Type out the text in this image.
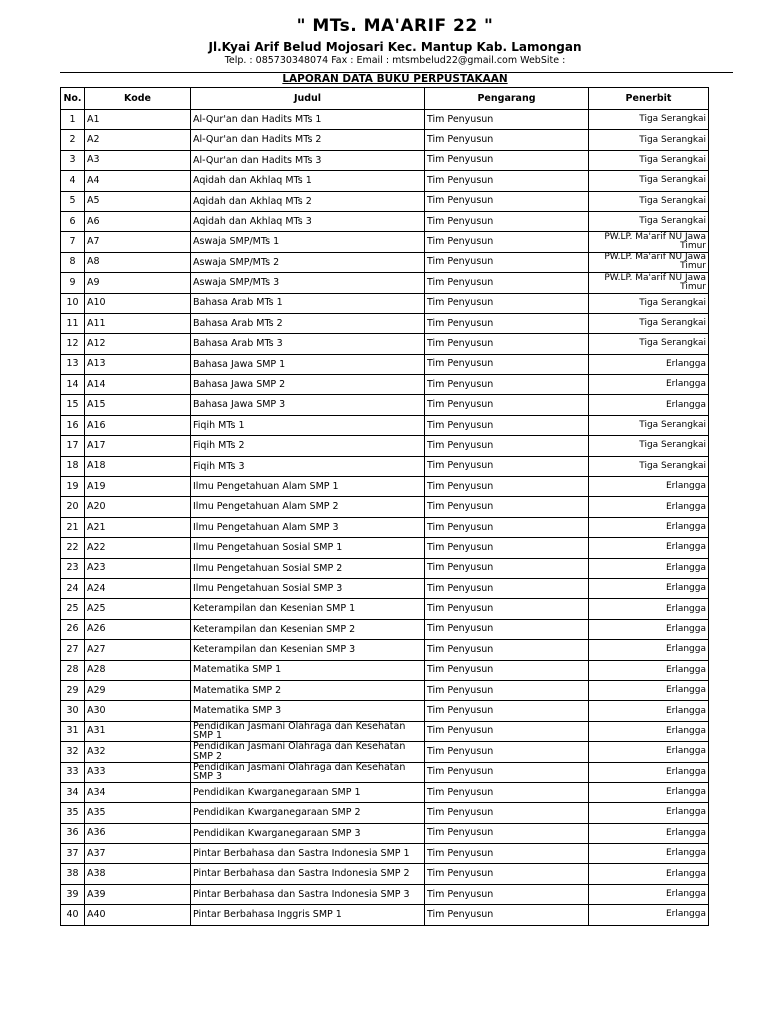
" MTs. MA'ARIF 22 "
Jl.Kyai Arif Belud Mojosari Kec. Mantup Kab. Lamongan
Telp. : 085730348074 Fax : Email : mtsmbelud22@gmail.com WebSite :
LAPORAN DATA BUKU PERPUSTAKAAN
No.	Kode	Judul	Pengarang	Penerbit
1	A1	Al-Qur'an dan Hadits MTs 1	Tim Penyusun	Tiga Serangkai
2	A2	Al-Qur'an dan Hadits MTs 2	Tim Penyusun	Tiga Serangkai
3	A3	Al-Qur'an dan Hadits MTs 3	Tim Penyusun	Tiga Serangkai
4	A4	Aqidah dan Akhlaq MTs 1	Tim Penyusun	Tiga Serangkai
5	A5	Aqidah dan Akhlaq MTs 2	Tim Penyusun	Tiga Serangkai
6	A6	Aqidah dan Akhlaq MTs 3	Tim Penyusun	Tiga Serangkai
7	A7	Aswaja SMP/MTs 1	Tim Penyusun	PW.LP. Ma'arif NU Jawa Timur
8	A8	Aswaja SMP/MTs 2	Tim Penyusun	PW.LP. Ma'arif NU Jawa Timur
9	A9	Aswaja SMP/MTs 3	Tim Penyusun	PW.LP. Ma'arif NU Jawa Timur
10	A10	Bahasa Arab MTs 1	Tim Penyusun	Tiga Serangkai
11	A11	Bahasa Arab MTs 2	Tim Penyusun	Tiga Serangkai
12	A12	Bahasa Arab MTs 3	Tim Penyusun	Tiga Serangkai
13	A13	Bahasa Jawa SMP 1	Tim Penyusun	Erlangga
14	A14	Bahasa Jawa SMP 2	Tim Penyusun	Erlangga
15	A15	Bahasa Jawa SMP 3	Tim Penyusun	Erlangga
16	A16	Fiqih MTs 1	Tim Penyusun	Tiga Serangkai
17	A17	Fiqih MTs 2	Tim Penyusun	Tiga Serangkai
18	A18	Fiqih MTs 3	Tim Penyusun	Tiga Serangkai
19	A19	Ilmu Pengetahuan Alam SMP 1	Tim Penyusun	Erlangga
20	A20	Ilmu Pengetahuan Alam SMP 2	Tim Penyusun	Erlangga
21	A21	Ilmu Pengetahuan Alam SMP 3	Tim Penyusun	Erlangga
22	A22	Ilmu Pengetahuan Sosial SMP 1	Tim Penyusun	Erlangga
23	A23	Ilmu Pengetahuan Sosial SMP 2	Tim Penyusun	Erlangga
24	A24	Ilmu Pengetahuan Sosial SMP 3	Tim Penyusun	Erlangga
25	A25	Keterampilan dan Kesenian SMP 1	Tim Penyusun	Erlangga
26	A26	Keterampilan dan Kesenian SMP 2	Tim Penyusun	Erlangga
27	A27	Keterampilan dan Kesenian SMP 3	Tim Penyusun	Erlangga
28	A28	Matematika SMP 1	Tim Penyusun	Erlangga
29	A29	Matematika SMP 2	Tim Penyusun	Erlangga
30	A30	Matematika SMP 3	Tim Penyusun	Erlangga
31	A31	Pendidikan Jasmani Olahraga dan Kesehatan SMP 1	Tim Penyusun	Erlangga
32	A32	Pendidikan Jasmani Olahraga dan Kesehatan SMP 2	Tim Penyusun	Erlangga
33	A33	Pendidikan Jasmani Olahraga dan Kesehatan SMP 3	Tim Penyusun	Erlangga
34	A34	Pendidikan Kwarganegaraan SMP 1	Tim Penyusun	Erlangga
35	A35	Pendidikan Kwarganegaraan SMP 2	Tim Penyusun	Erlangga
36	A36	Pendidikan Kwarganegaraan SMP 3	Tim Penyusun	Erlangga
37	A37	Pintar Berbahasa dan Sastra Indonesia SMP 1	Tim Penyusun	Erlangga
38	A38	Pintar Berbahasa dan Sastra Indonesia SMP 2	Tim Penyusun	Erlangga
39	A39	Pintar Berbahasa dan Sastra Indonesia SMP 3	Tim Penyusun	Erlangga
40	A40	Pintar Berbahasa Inggris SMP 1	Tim Penyusun	Erlangga
